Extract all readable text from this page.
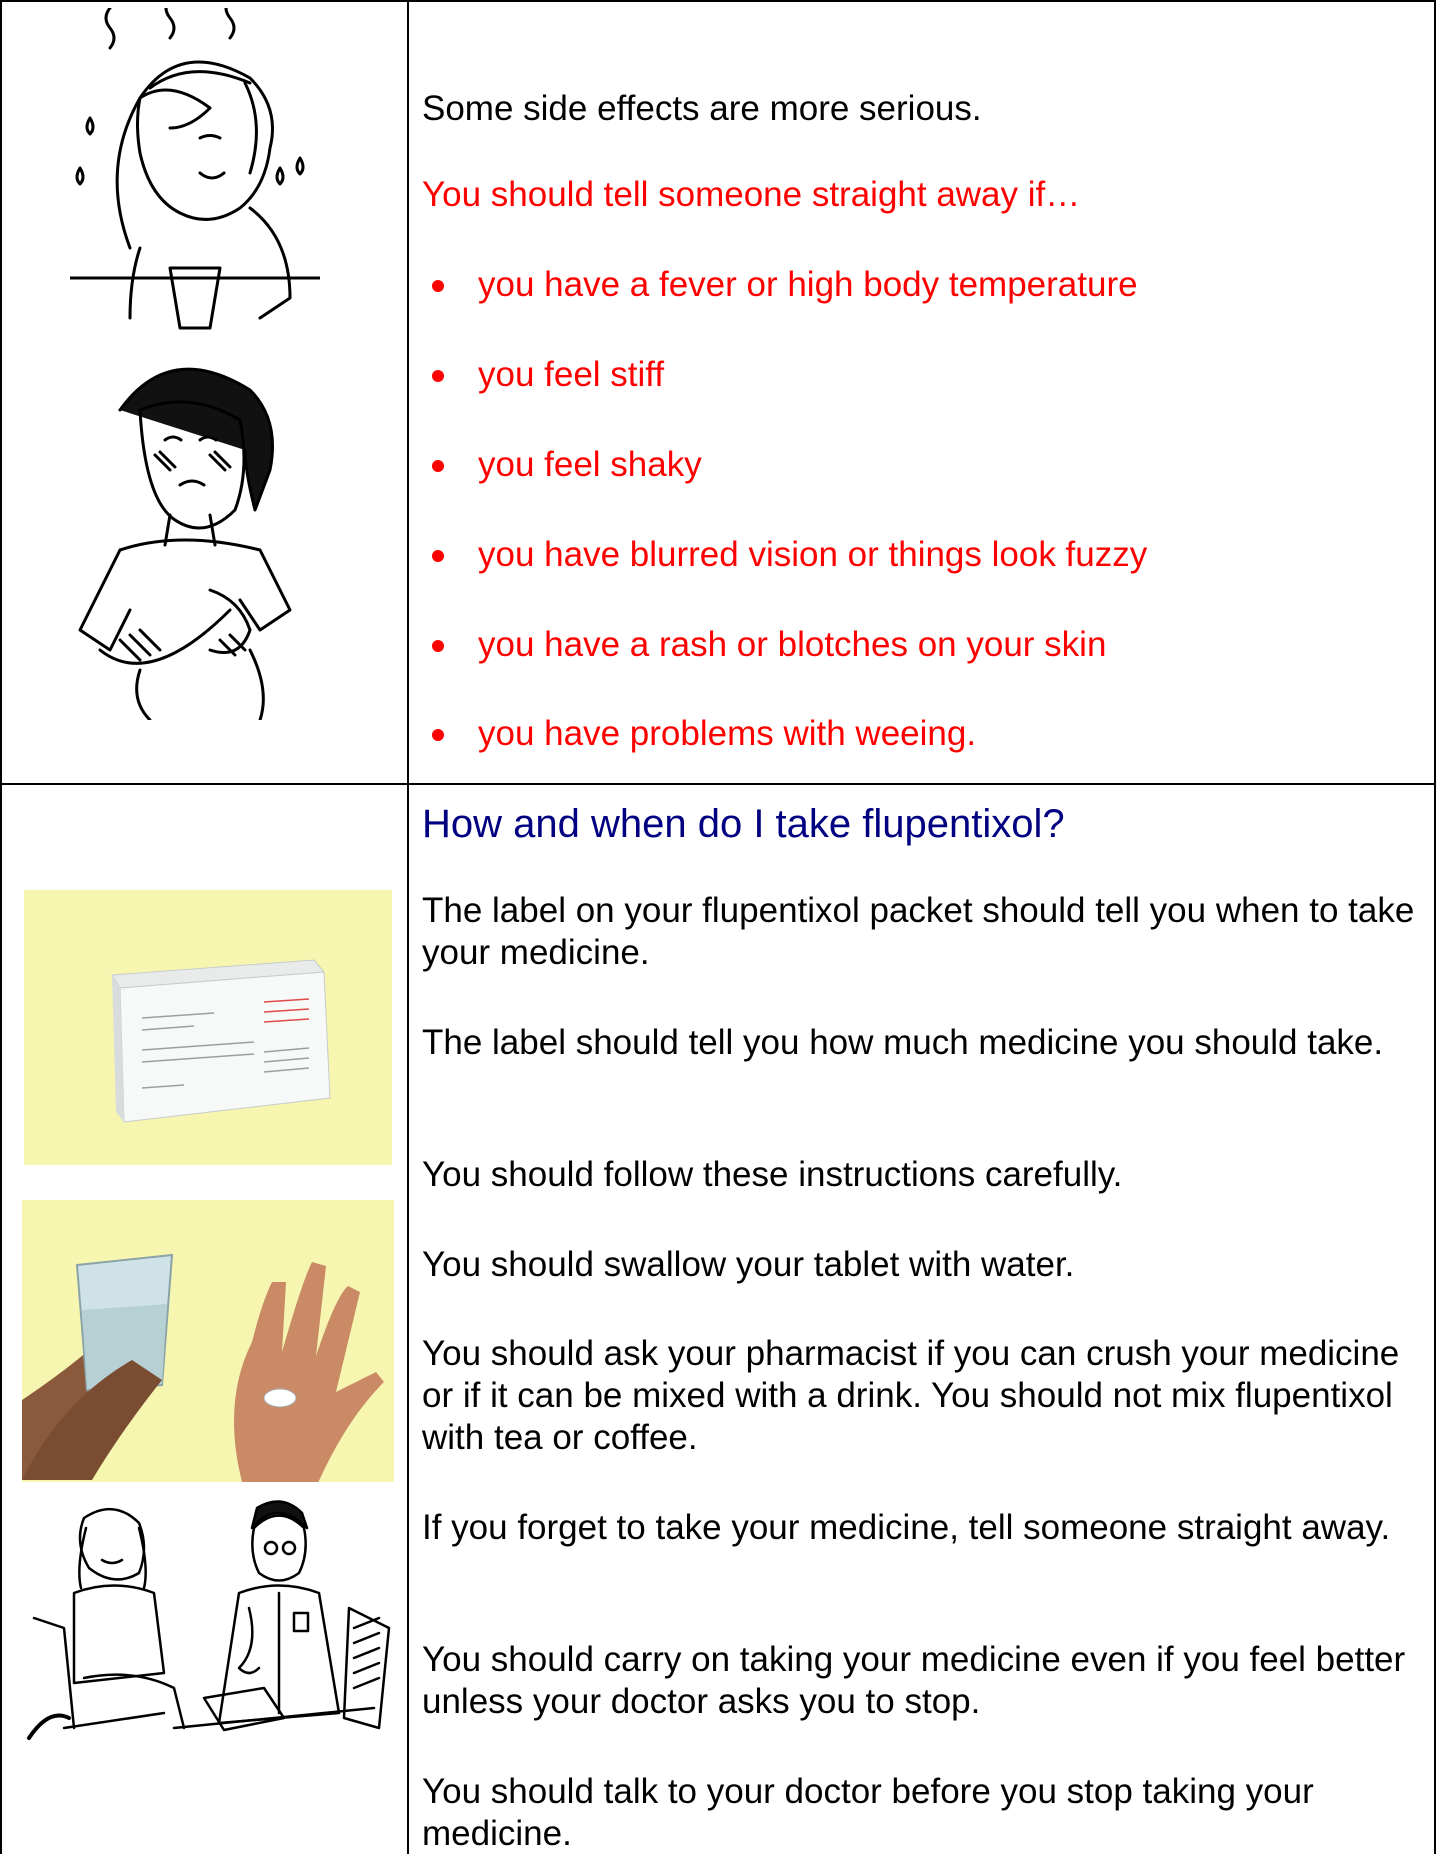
Some side effects are more serious.
You should tell someone straight away if…
you have a fever or high body temperature
you feel stiff
you feel shaky
you have blurred vision or things look fuzzy
you have a rash or blotches on your skin
you have problems with weeing.
How and when do I take flupentixol?
The label on your flupentixol packet should tell you when to take your medicine.
The label should tell you how much medicine you should take.
You should follow these instructions carefully.
You should swallow your tablet with water.
You should ask your pharmacist if you can crush your medicine or if it can be mixed with a drink. You should not mix flupentixol with tea or coffee.
If you forget to take your medicine, tell someone straight away.
You should carry on taking your medicine even if you feel better unless your doctor asks you to stop.
You should talk to your doctor before you stop taking your medicine.
